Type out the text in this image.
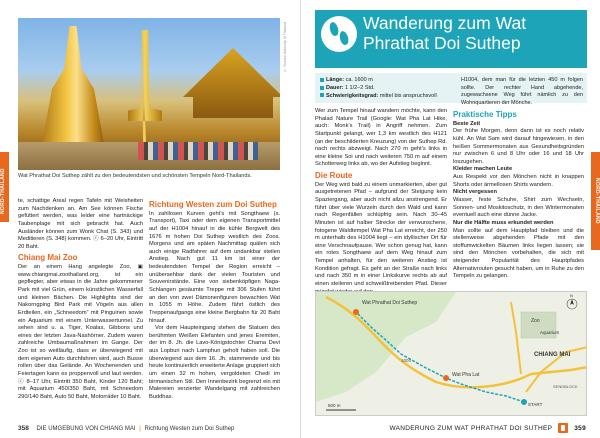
© Tourism Authority of Thailand
Wat Phrathat Doi Suthep zählt zu den bedeutendsten und schönsten Tempeln Nord-Thailands.
NORD-THAILAND	te, schattige Areal regen Tafeln mit Weisheiten zum Nachdenken an. Am See können Fische gefüttert werden, was leider eine hartnäckige Taubenplage mit sich gebracht hat. Auch Ausländer können zum Wonk Chat (S. 343) und Meditieren (S. 348) kommen. ⓒ 6–20 Uhr, Eintritt 20 Baht.

Chiang Mai Zoo

Der an einem Hang angelegte Zoo, ▣ www.chiangmai.zoothailand.org, ist ein gepflegter, aber etwas in die Jahre gekommener Park mit viel Grün, einem künstlichen Wasserfall und kleinen Bächen. Die Highlights sind der Nakorngping Bird Park mit Vögeln aus allen Erdteilen, ein „Schneedom“ mit Pinguinen sowie ein Aquarium mit einem Unterwassertunnel. Zu sehen sind u. a. Tiger, Koalas, Gibbons und eines der letzten Java-Nashörner. Zudem waren zahlreiche Umbaumaßnahmen im Gange. Der Zoo ist so weitläufig, dass er überwiegend mit dem eigenen Auto durchfahren wird, auch Busse rollen über das Gelände. An Wochenenden und Feiertagen kann es proppenvoll und laut werden. ⓒ 8–17 Uhr, Eintritt 350 Baht, Kinder 120 Baht; mit Aquarium 450/350 Baht, mit Schneedom 290/140 Baht, Auto 50 Baht, Motorräder 10 Baht.

Richtung Westen zum Doi Suthep

In zahllosen Kurven geht’s mit Songthaew (s. Transport), Taxi oder dem eigenen Transportmittel auf der H1004 hinauf in die kühle Bergwelt des 1676 m hohen Doi Suthep westlich des Zoos. Morgens und am späten Nachmittag quälen sich auch einige Radfahrer auf dem undankbar steilen Anstieg. Nach gut 11 km ist einer der bedeutendsten Tempel der Region erreicht – unübersehbar dank der vielen Touristen und Souvenirstände. Eine von siebenköpfigen Naga-Schlangen gesäumte Treppe mit 306 Stufen führt an den von zwei Dämonenfiguren bewachten Wat in 1055 m Höhe. Zudem fährt östlich des Treppenaufgangs eine kleine Bergbahn für 20 Baht hinauf.

Vor dem Haupteingang stehen die Statuen des berühmten Weißen Elefanten und jenes Eremiten, der im 8. Jh. die Lavo-Königstochter Chama Devi aus Lopburi nach Lamphun geholt haben soll. Die überwiegend aus dem 16. Jh. stammende und bis heute kontinuierlich erweiterte Anlage gruppiert sich um einen 32 m hohen, vergoldeten Chedi im birmanischen Stil. Den Innenbezirk begrenzt ein mit Malereien verzierter Wandelgang mit zahlreichen Buddhas.

358 DIE UMGEBUNG VON CHIANG MAI | Richtung Westen zum Doi Suthep
Wanderung zum Wat Phrathat Doi Suthep
Länge: ca. 1600 m
Dauer: 1 1/2–2 Std.
Schwierigkeitsgrad: mittel bis anspruchsvoll
H1004, dem man für die letzten 450 m folgen sollte. Der rechter Hand abgehende, zugewachsene Weg führt nämlich zu den Wohnquartieren der Mönche.

Wer zum Tempel hinauf wandern möchte, kann den Phalad Nature Trail (Google: Wat Pha Lat Hike, auch: Monk’s Trail) in Angriff nehmen. Zum Startpunkt gelangt, wer 1,3 km westlich des H121 (an der beschilderten Kreuzung) von der Suthep Rd. nach rechts abzweigt. Nach 270 m geht’s links in eine kleine Soi und nach weiteren 750 m auf einem Schotterweg links ab, wo der Aufstieg beginnt.

Die Route

Der Weg wird bald zu einem unmarkierten, aber gut ausgetretenen Pfad – aufgrund der Steigung kein Spaziergang, aber auch nicht allzu anstrengend. Er führt über viele Wurzeln durch den Wald und kann nach Regenfällen schlüpfrig sein. Nach 30–45 Minuten ist auf halber Strecke der verwunschene, fotogene Waldtempel Wat Pha Lat erreicht, der 250 m unterhalb des H1004 liegt – ein idyllischer Ort für eine Verschnaufpause. Wer schon genug hat, kann ein rotes Songthaew auf dem Weg hinauf zum Tempel anhalten, für den weiteren Anstieg ist Kondition gefragt. Es geht an der Straße nach links und nach 350 m in einer Linkskurve rechts ab auf einen steileren und schweißtreibenden Pfad. Dieser

Praktische Tipps
Beste Zeit

Der frühe Morgen, denn dann ist es noch relativ kühl. An Wat Sam wird darauf hingewiesen, in den heißen Sommermonaten aus Gesundheitsgründen nur zwischen 6 und 8 Uhr oder 16 und 18 Uhr loszugehen.

Kleider machen Leute

Aus Respekt vor den Mönchen nicht in knappen Shorts oder ärmellosen Shirts wandern.

Nicht vergessen

Wasser, feste Schuhe, Shirt zum Wechseln, Sonnen- und Moskitoschutz, in den Wintermonaten eventuell auch eine dünne Jacke.

Nur die Hälfte muss erkundet werden

Man sollte auf dem Hauptpfad bleiben und die stellenweise abgehenden Pfade mit den stoffumwickelten Bäumen links liegen lassen; sie sind den Mönchen vorbehalten, die sich mit steigender Popularität des Hauptpfades Alternativrouten gesucht haben, um in Ruhe zu den Tempeln zu gelangen.

NORD-THAILAND
Wat Phrathat Doi Suthep
Wat Pha Lat
CHIANG MAI
Zoo
Aquarium
1004
START
SENDBLOCK
500 m
N
WANDERUNG ZUM WAT PHRATHAT DOI SUTHEP	359
